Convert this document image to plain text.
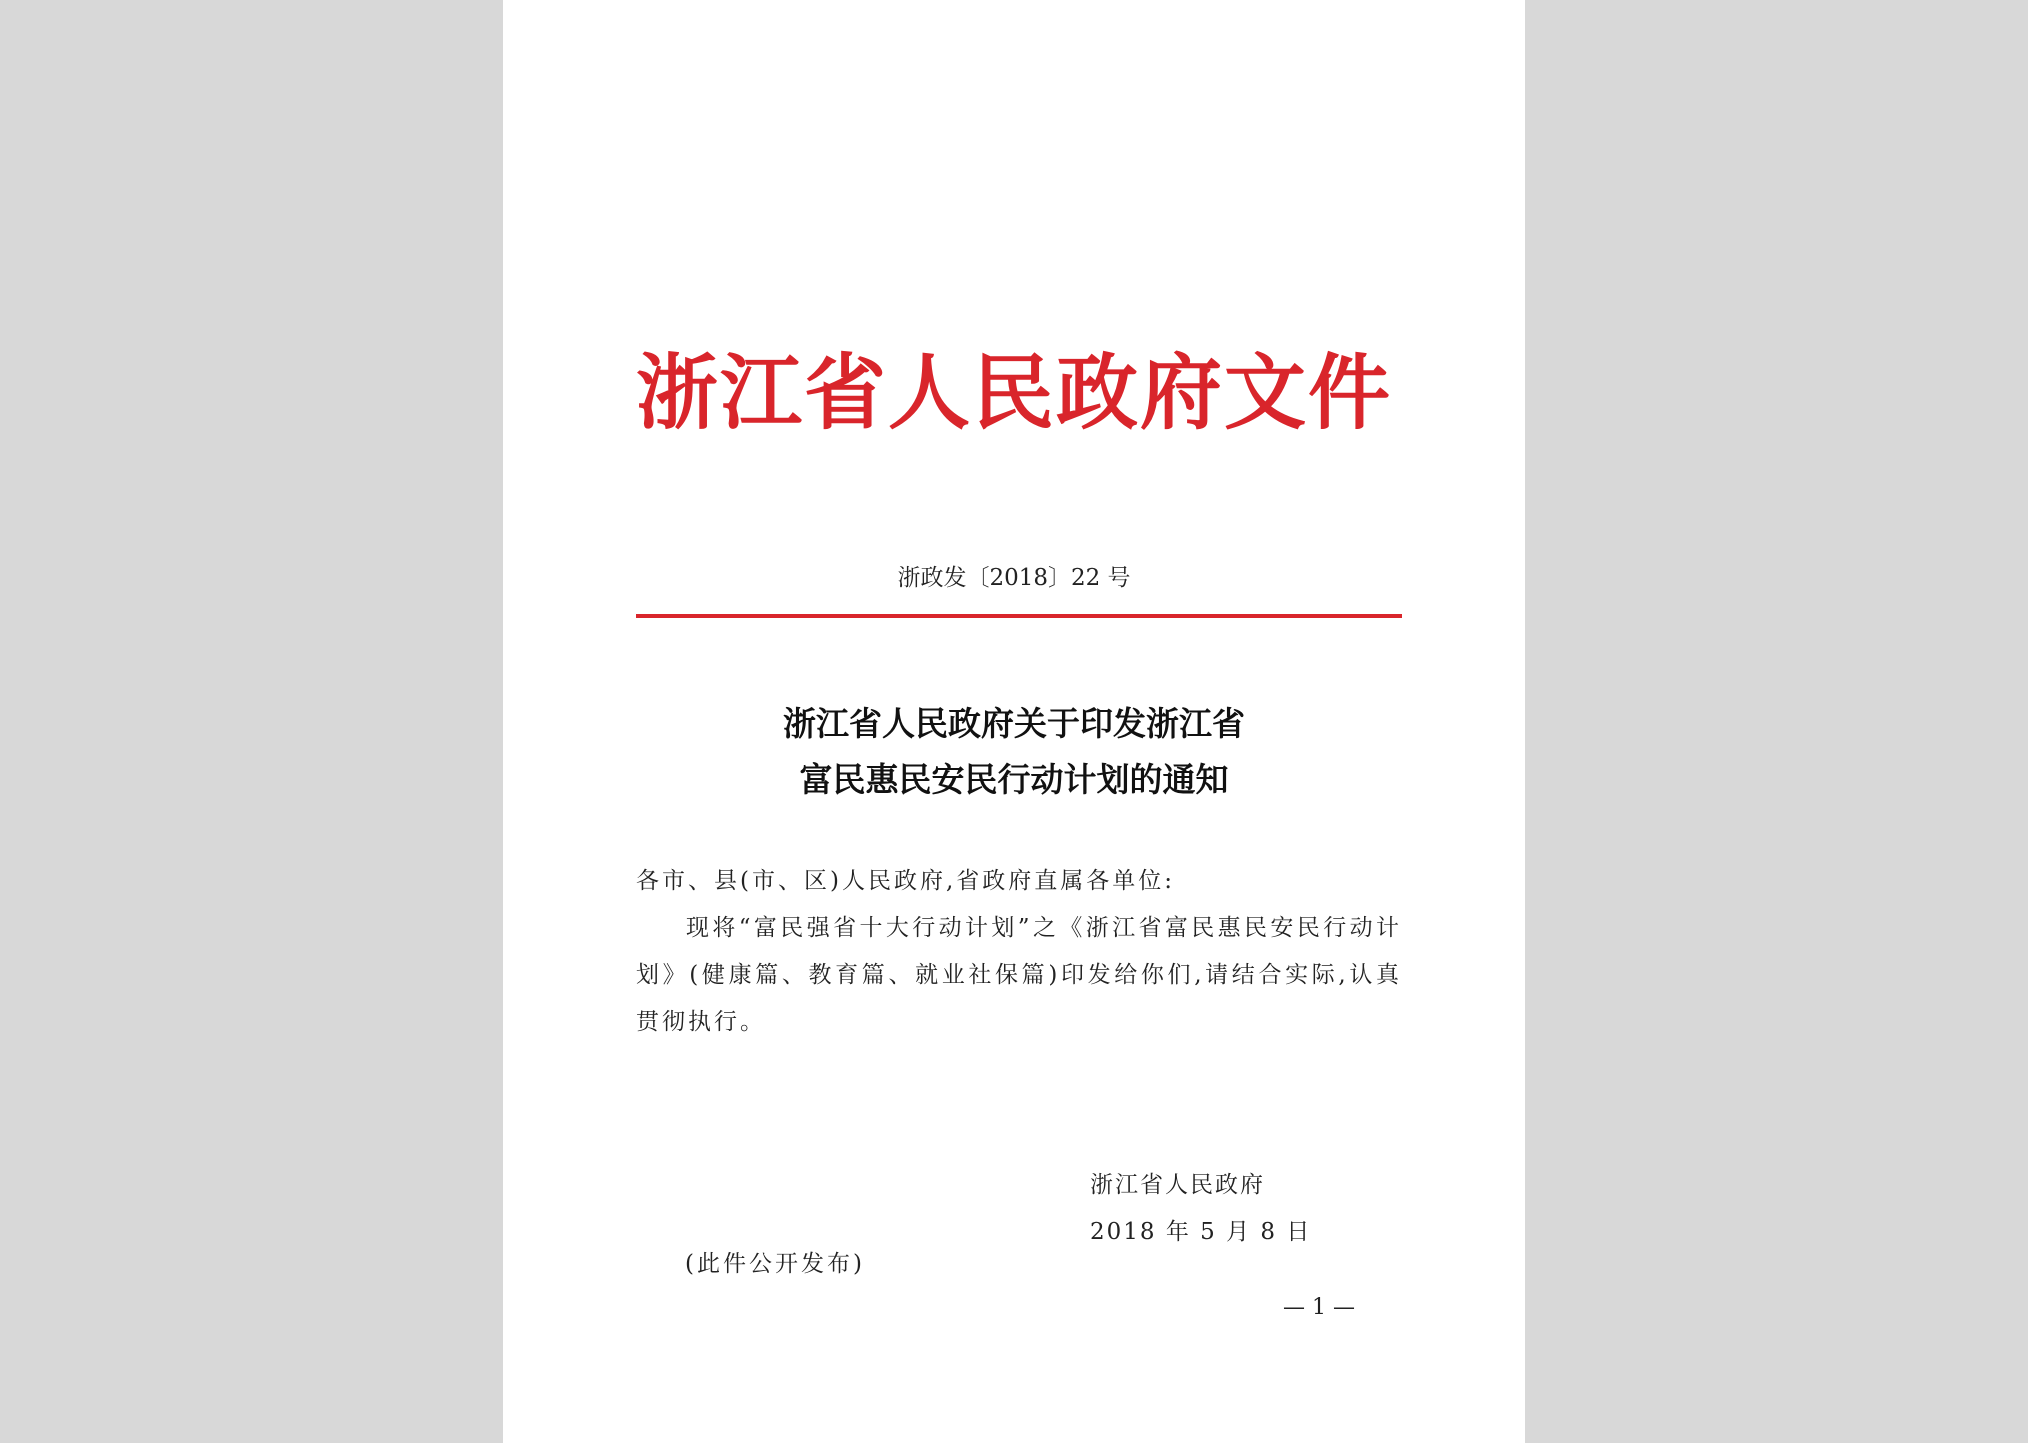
浙江省人民政府文件
浙政发〔2018〕22 号
浙江省人民政府关于印发浙江省
富民惠民安民行动计划的通知

各市、县(市、区)人民政府,省政府直属各单位:

现将“富民强省十大行动计划”之《浙江省富民惠民安民行动计划》(健康篇、教育篇、就业社保篇)印发给你们,请结合实际,认真贯彻执行。

浙江省人民政府
2018 年 5 月 8 日
(此件公开发布)
— 1 —
